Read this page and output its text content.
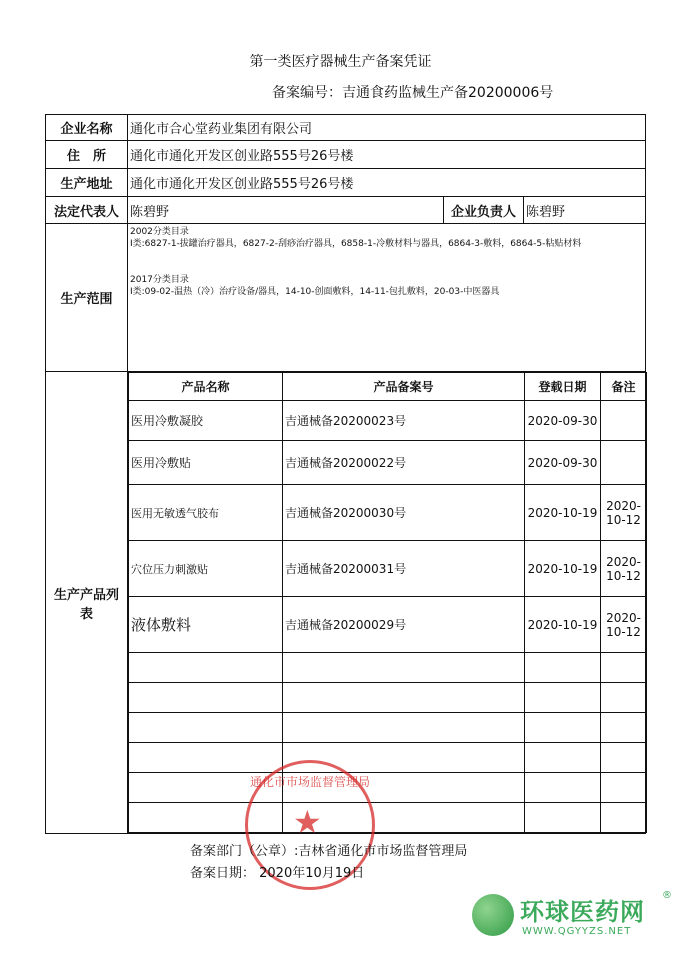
第一类医疗器械生产备案凭证
备案编号：吉通食药监械生产备20200006号
企业名称	通化市合心堂药业集团有限公司
住　所	通化市通化开发区创业路555号26号楼
生产地址	通化市通化开发区创业路555号26号楼
法定代表人	陈碧野	企业负责人	陈碧野
生产范围	
2002分类目录
Ⅰ类:6827-1-拔罐治疗器具，6827-2-刮痧治疗器具，6858-1-冷敷材料与器具，6864-3-敷料，6864-5-粘贴材料
2017分类目录
Ⅰ类:09-02-温热（冷）治疗设备/器具，14-10-创面敷料，14-11-包扎敷料，20-03-中医器具

生产产品列表	
产品名称	产品备案号	登载日期	备注
医用冷敷凝胶	吉通械备20200023号	2020-09-30	
医用冷敷贴	吉通械备20200022号	2020-09-30	
医用无敏透气胶布	吉通械备20200030号	2020-10-19	2020-10-12
穴位压力刺激贴	吉通械备20200031号	2020-10-19	2020-10-12
液体敷料	吉通械备20200029号	2020-10-19	2020-10-12

通化市市场监督管理局
★
备案部门（公章）:吉林省通化市市场监督管理局
备案日期： 2020年10月19日
环球医药网
®
WWW.QGYYZS.NET
